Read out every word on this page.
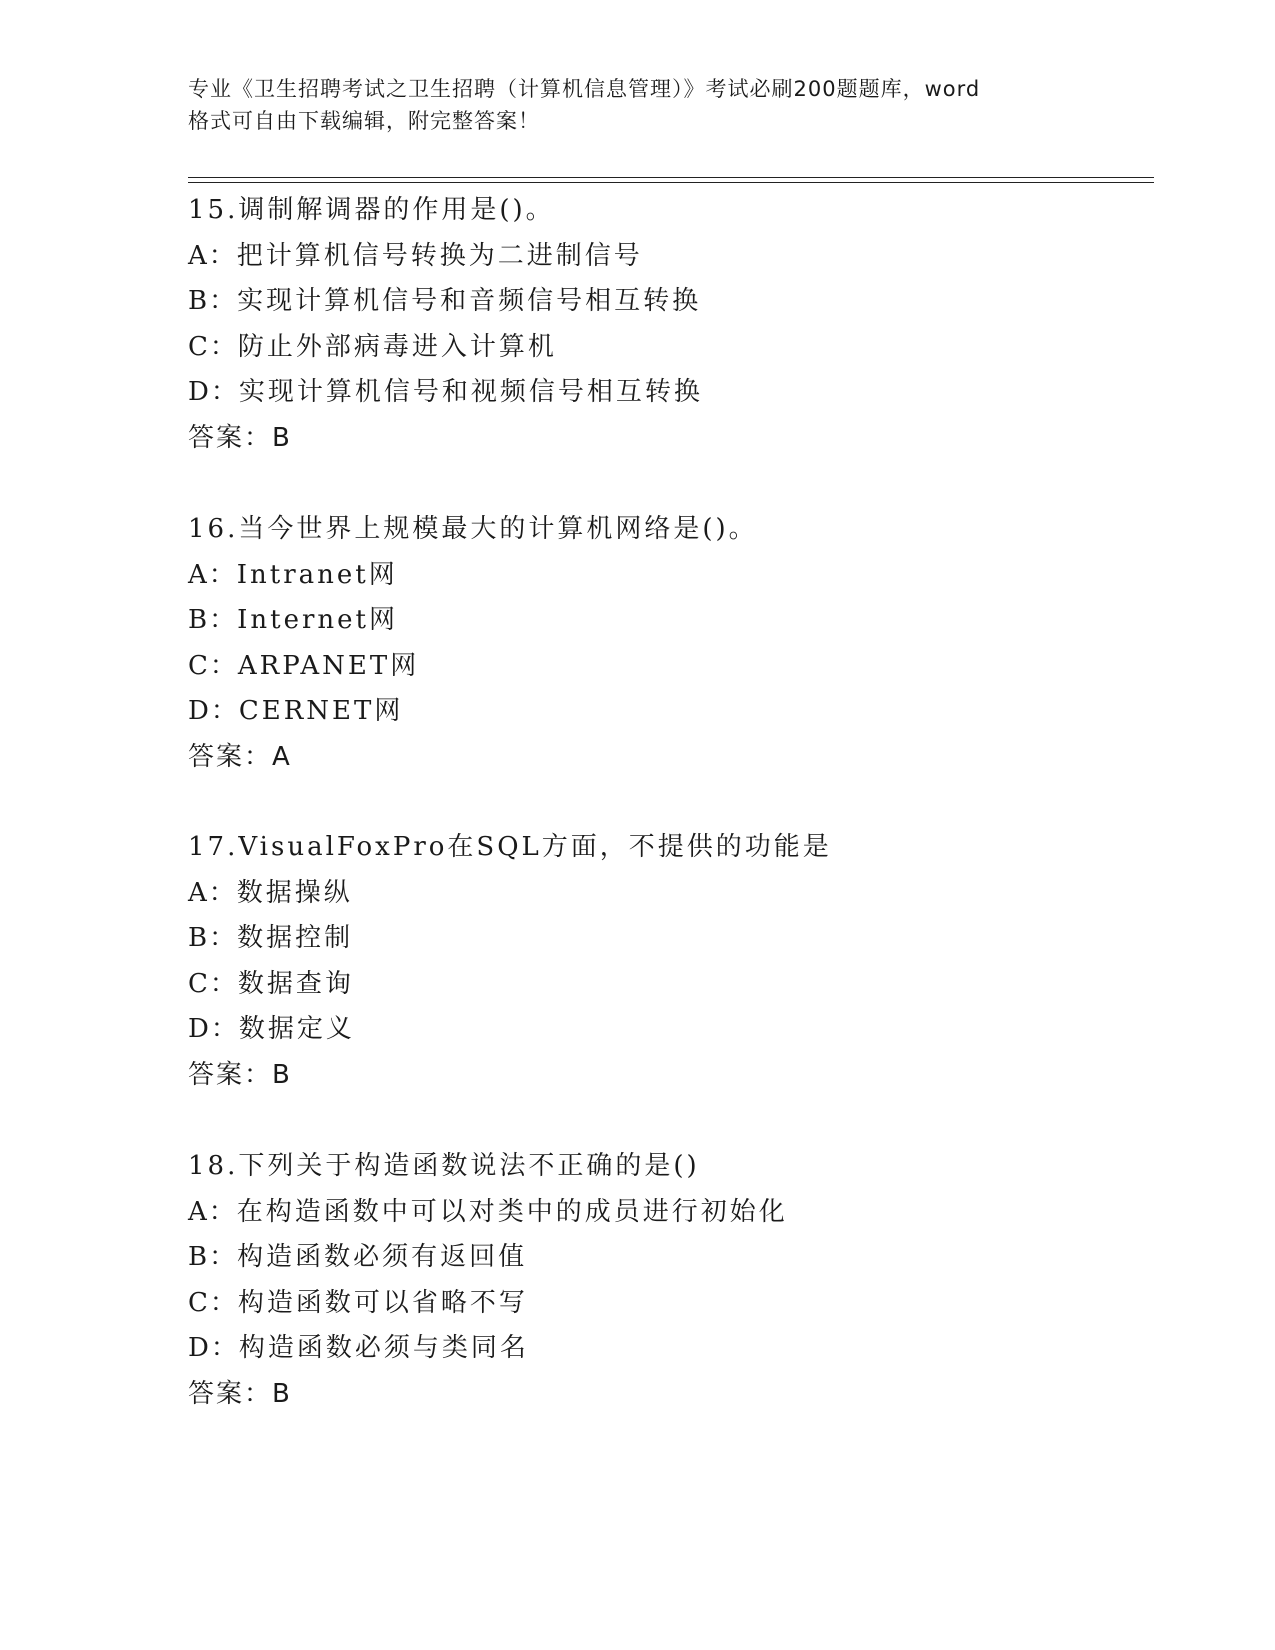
专业《卫生招聘考试之卫生招聘（计算机信息管理）》考试必刷200题题库，word
格式可自由下载编辑，附完整答案！
15.调制解调器的作用是()。
A：把计算机信号转换为二进制信号
B：实现计算机信号和音频信号相互转换
C：防止外部病毒进入计算机
D：实现计算机信号和视频信号相互转换
答案：B
16.当今世界上规模最大的计算机网络是()。
A：Intranet网
B：Internet网
C：ARPANET网
D：CERNET网
答案：A
17.VisualFoxPro在SQL方面，不提供的功能是
A：数据操纵
B：数据控制
C：数据查询
D：数据定义
答案：B
18.下列关于构造函数说法不正确的是()
A：在构造函数中可以对类中的成员进行初始化
B：构造函数必须有返回值
C：构造函数可以省略不写
D：构造函数必须与类同名
答案：B
